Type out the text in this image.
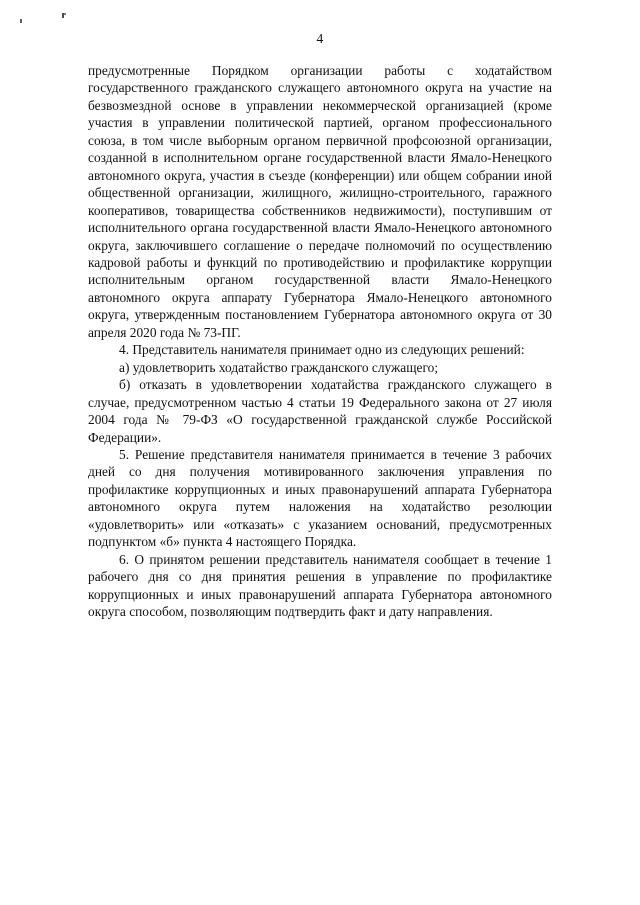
4

предусмотренные Порядком организации работы с ходатайством государственного гражданского служащего автономного округа на участие на безвозмездной основе в управлении некоммерческой организацией (кроме участия в управлении политической партией, органом профессионального союза, в том числе выборным органом первичной профсоюзной организации, созданной в исполнительном органе государственной власти Ямало-Ненецкого автономного округа, участия в съезде (конференции) или общем собрании иной общественной организации, жилищного, жилищно-строительного, гаражного кооперативов, товарищества собственников недвижимости), поступившим от исполнительного органа государственной власти Ямало-Ненецкого автономного округа, заключившего соглашение о передаче полномочий по осуществлению кадровой работы и функций по противодействию и профилактике коррупции исполнительным органом государственной власти Ямало-Ненецкого автономного округа аппарату Губернатора Ямало-Ненецкого автономного округа, утвержденным постановлением Губернатора автономного округа от 30 апреля 2020 года № 73-ПГ.

4. Представитель нанимателя принимает одно из следующих решений:

а) удовлетворить ходатайство гражданского служащего;

б) отказать в удовлетворении ходатайства гражданского служащего в случае, предусмотренном частью 4 статьи 19 Федерального закона от 27 июля 2004 года № 79-ФЗ «О государственной гражданской службе Российской Федерации».

5. Решение представителя нанимателя принимается в течение 3 рабочих дней со дня получения мотивированного заключения управления по профилактике коррупционных и иных правонарушений аппарата Губернатора автономного округа путем наложения на ходатайство резолюции «удовлетворить» или «отказать» с указанием оснований, предусмотренных подпунктом «б» пункта 4 настоящего Порядка.

6. О принятом решении представитель нанимателя сообщает в течение 1 рабочего дня со дня принятия решения в управление по профилактике коррупционных и иных правонарушений аппарата Губернатора автономного округа способом, позволяющим подтвердить факт и дату направления.
